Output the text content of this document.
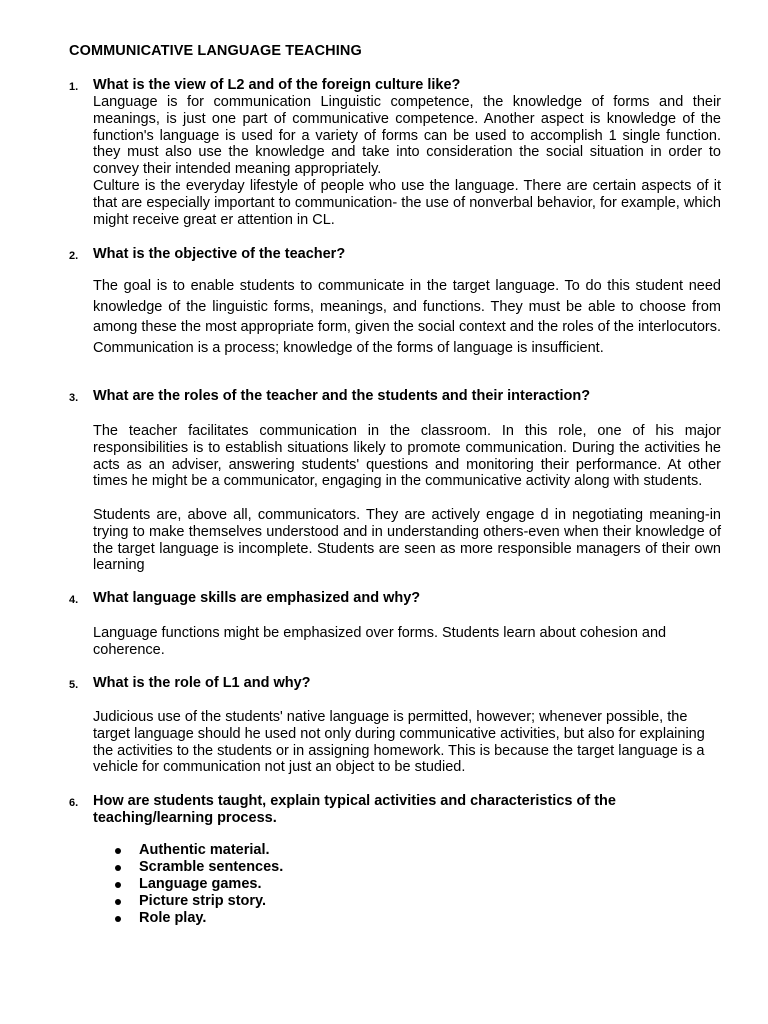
COMMUNICATIVE LANGUAGE TEACHING
1. What is the view of L2 and of the foreign culture like?
Language is for communication Linguistic competence, the knowledge of forms and their meanings, is just one part of communicative competence. Another aspect is knowledge of the function's language is used for a variety of forms can be used to accomplish 1 single function. they must also use the knowledge and take into consideration the social situation in order to convey their intended meaning appropriately.
Culture is the everyday lifestyle of people who use the language. There are certain aspects of it that are especially important to communication- the use of nonverbal behavior, for example, which might receive great er attention in CL.
2. What is the objective of the teacher?
The goal is to enable students to communicate in the target language. To do this student need knowledge of the linguistic forms, meanings, and functions. They must be able to choose from among these the most appropriate form, given the social context and the roles of the interlocutors. Communication is a process; knowledge of the forms of language is insufficient.
3. What are the roles of the teacher and the students and their interaction?
The teacher facilitates communication in the classroom. In this role, one of his major responsibilities is to establish situations likely to promote communication. During the activities he acts as an adviser, answering students' questions and monitoring their performance. At other times he might be a communicator, engaging in the communicative activity along with students.
Students are, above all, communicators. They are actively engage d in negotiating meaning-in trying to make themselves understood and in understanding others-even when their knowledge of the target language is incomplete. Students are seen as more responsible managers of their own learning
4. What language skills are emphasized and why?
Language functions might be emphasized over forms. Students learn about cohesion and coherence.
5. What is the role of L1 and why?
Judicious use of the students' native language is permitted, however; whenever possible, the target language should he used not only during communicative activities, but also for explaining the activities to the students or in assigning homework. This is because the target language is a vehicle for communication not just an object to be studied.
6. How are students taught, explain typical activities and characteristics of the teaching/learning process.
Authentic material.
Scramble sentences.
Language games.
Picture strip story.
Role play.
